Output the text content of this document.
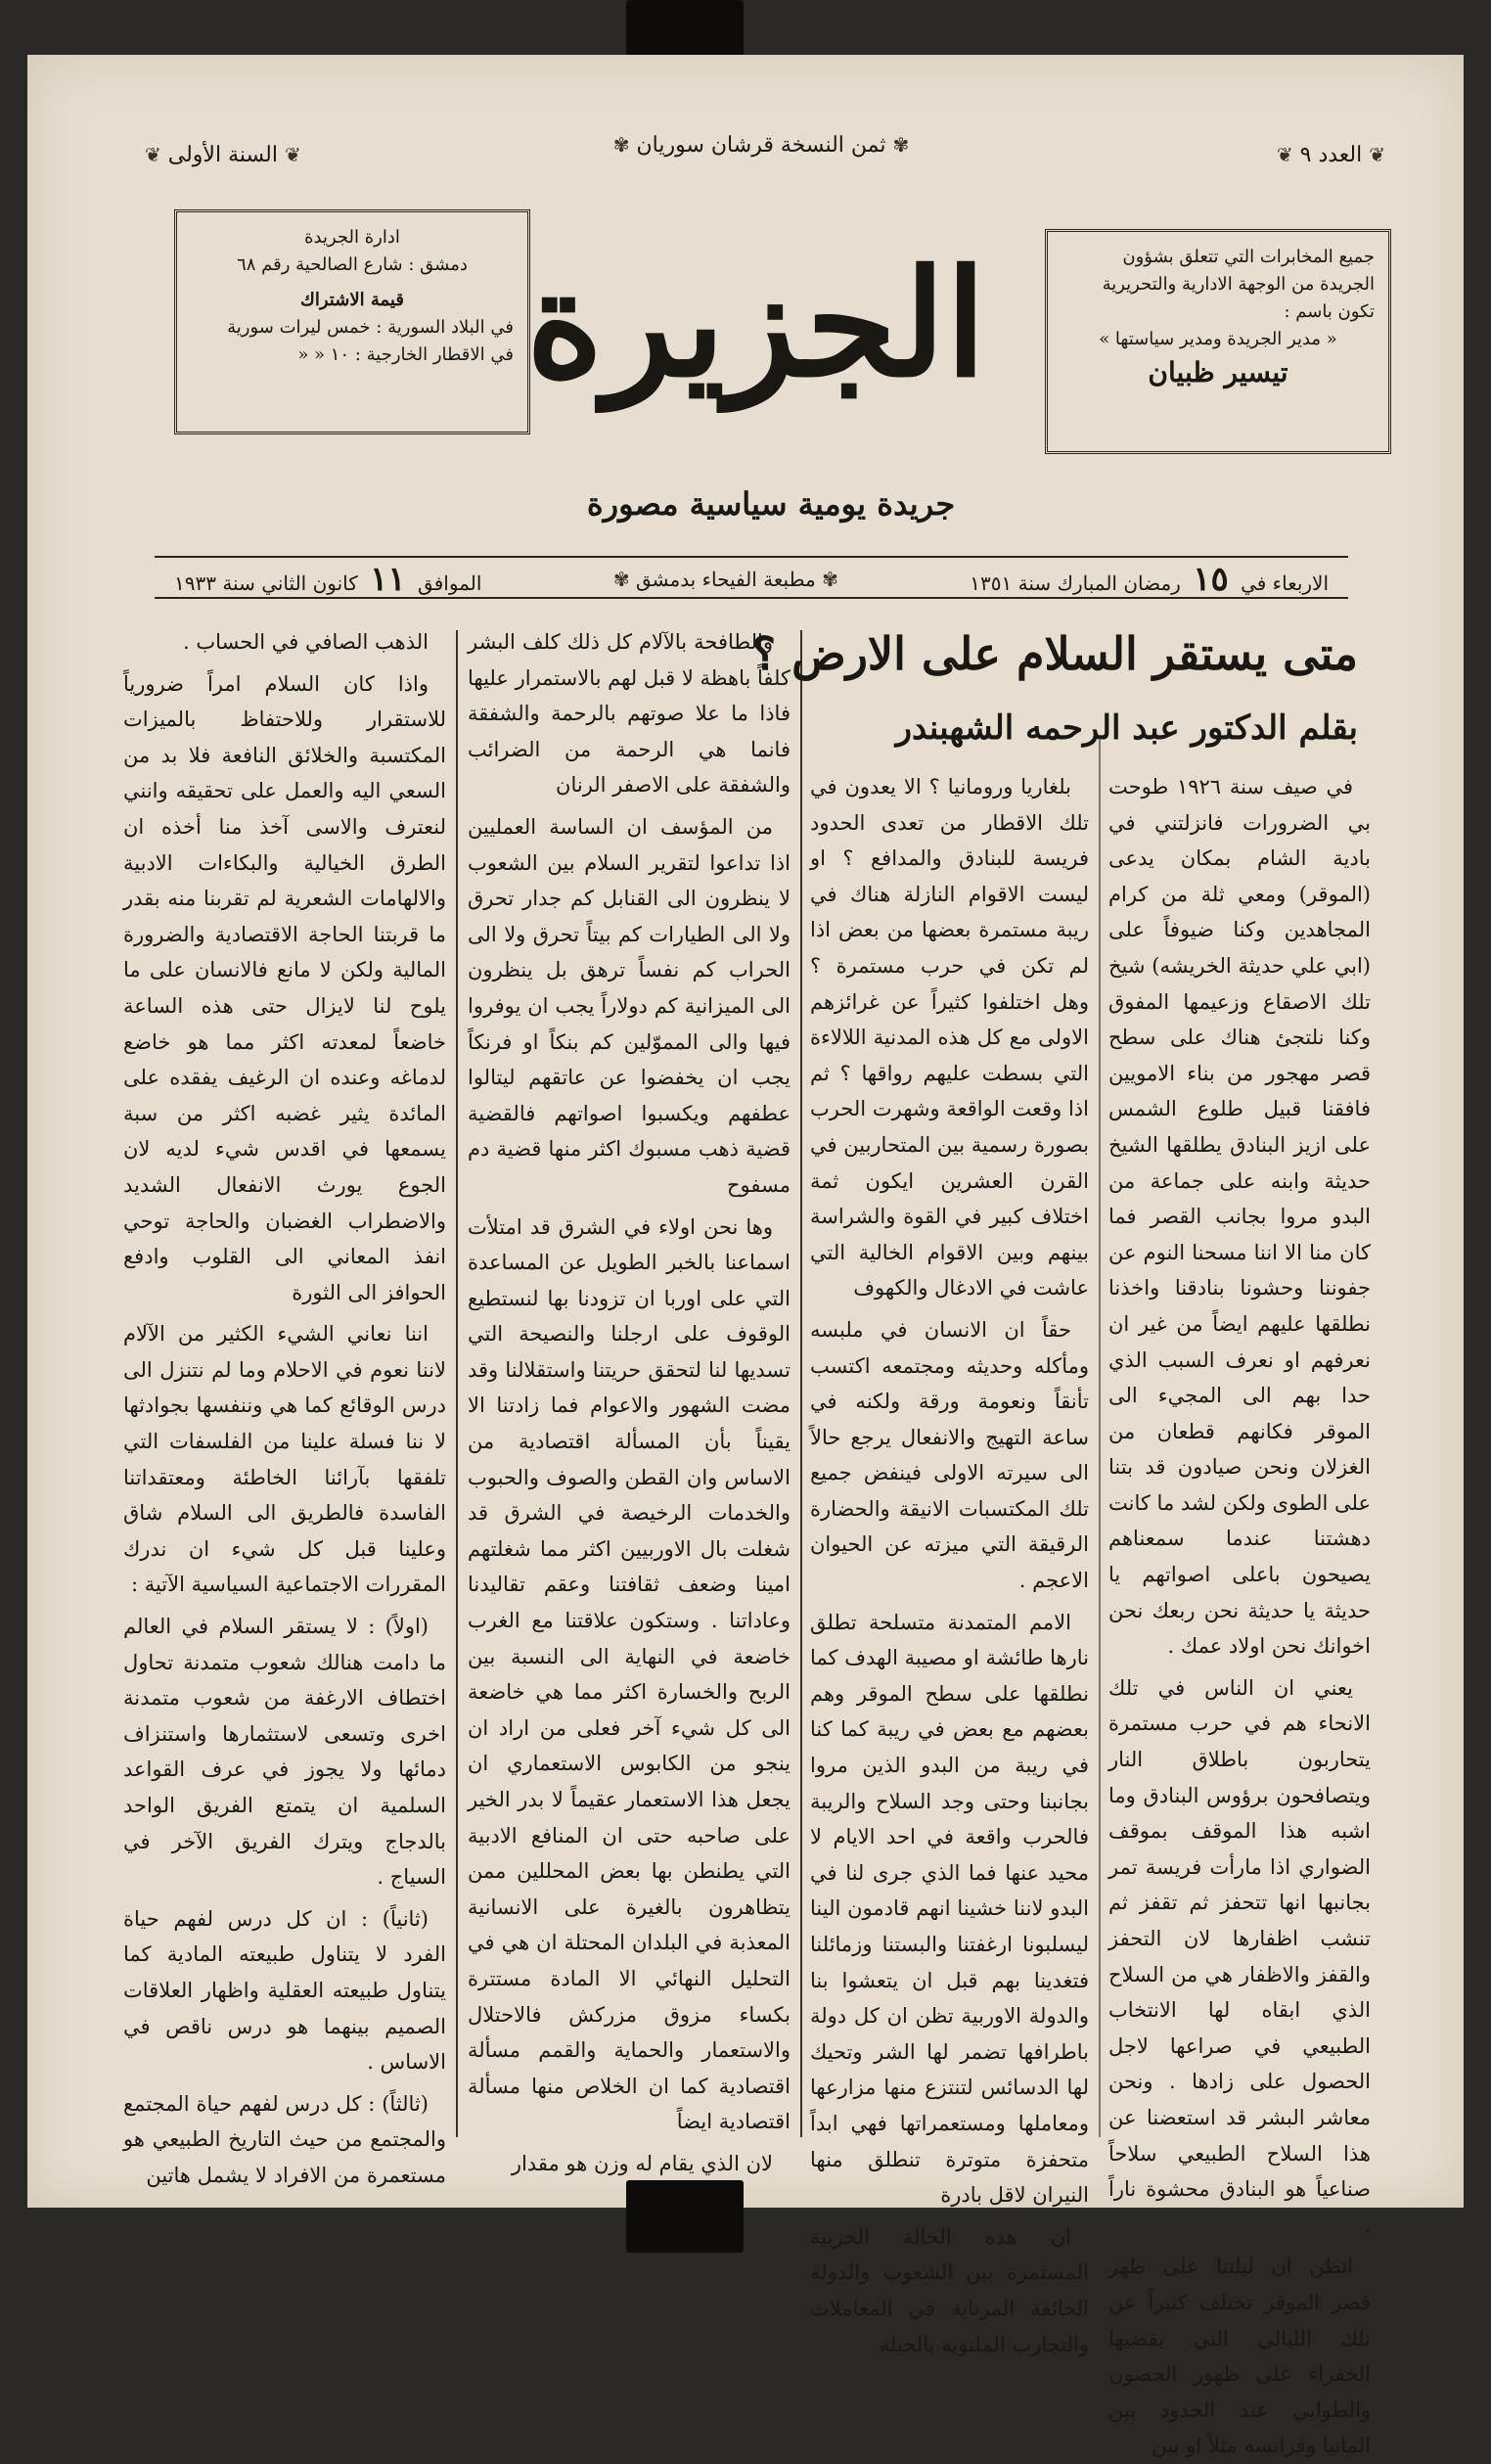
❦ العدد ٩ ❦
✾ ثمن النسخة قرشان سوريان ✾
❦ السنة الأولى ❦
ادارة الجريدة
دمشق : شارع الصالحية رقم ٦٨
قيمة الاشتراك
في البلاد السورية : خمس ليرات سورية
في الاقطار الخارجية : ١٠ « «
جميع المخابرات التي تتعلق بشؤون
الجريدة من الوجهة الادارية والتحريرية
تكون باسم :
« مدير الجريدة ومدير سياستها »
تيسير ظبيان
الجزيرة
جريدة يومية سياسية مصورة
الاربعاء في ١٥ رمضان المبارك سنة ١٣٥١
✾ مطبعة الفيحاء بدمشق ✾
الموافق ١١ كانون الثاني سنة ١٩٣٣
متى يستقر السلام على الارض ؟
بقلم الدكتور عبد الرحمه الشهبندر

في صيف سنة ١٩٢٦ طوحت بي الضرورات فانزلتني في بادية الشام بمكان يدعى (الموقر) ومعي ثلة من كرام المجاهدين وكنا ضيوفاً على (ابي علي حديثة الخريشه) شيخ تلك الاصقاع وزعيمها المفوق وكنا نلتجئ هناك على سطح قصر مهجور من بناء الامويين فافقنا قبيل طلوع الشمس على ازيز البنادق يطلقها الشيخ حديثة وابنه على جماعة من البدو مروا بجانب القصر فما كان منا الا اننا مسحنا النوم عن جفوننا وحشونا بنادقنا واخذنا نطلقها عليهم ايضاً من غير ان نعرفهم او نعرف السبب الذي حدا بهم الى المجيء الى الموقر فكانهم قطعان من الغزلان ونحن صيادون قد بتنا على الطوى ولكن لشد ما كانت دهشتنا عندما سمعناهم يصيحون باعلى اصواتهم يا حديثة يا حديثة نحن ربعك نحن اخوانك نحن اولاد عمك .

يعني ان الناس في تلك الانحاء هم في حرب مستمرة يتحاربون باطلاق النار ويتصافحون برؤوس البنادق وما اشبه هذا الموقف بموقف الضواري اذا مارأت فريسة تمر بجانبها انها تتحفز ثم تقفز ثم تنشب اظفارها لان التحفز والقفز والاظفار هي من السلاح الذي ابقاه لها الانتخاب الطبيعي في صراعها لاجل الحصول على زادها . ونحن معاشر البشر قد استعضنا عن هذا السلاح الطبيعي سلاحاً صناعياً هو البنادق محشوة ناراً .

اتظن ان ليلتنا على ظهر قصر الموقر تختلف كثيراً عن تلك الليالي التي يقضيها الخفراء على ظهور الحصون والطوابي عند الحدود بين المانيا وفرانسه مثلاً او بين

بلغاريا ورومانيا ؟ الا يعدون في تلك الاقطار من تعدى الحدود فريسة للبنادق والمدافع ؟ او ليست الاقوام النازلة هناك في ريبة مستمرة بعضها من بعض اذا لم تكن في حرب مستمرة ؟ وهل اختلفوا كثيراً عن غرائزهم الاولى مع كل هذه المدنية اللالاءة التي بسطت عليهم رواقها ؟ ثم اذا وقعت الواقعة وشهرت الحرب بصورة رسمية بين المتحاربين في القرن العشرين ايكون ثمة اختلاف كبير في القوة والشراسة بينهم وبين الاقوام الخالية التي عاشت في الادغال والكهوف

حقاً ان الانسان في ملبسه ومأكله وحديثه ومجتمعه اكتسب تأنقاً ونعومة ورقة ولكنه في ساعة التهيج والانفعال يرجع حالاً الى سيرته الاولى فينفض جميع تلك المكتسبات الانيقة والحضارة الرقيقة التي ميزته عن الحيوان الاعجم .

الامم المتمدنة متسلحة تطلق نارها طائشة او مصيبة الهدف كما نطلقها على سطح الموقر وهم بعضهم مع بعض في ريبة كما كنا في ريبة من البدو الذين مروا بجانبنا وحتى وجد السلاح والريبة فالحرب واقعة في احد الايام لا محيد عنها فما الذي جرى لنا في البدو لاننا خشينا انهم قادمون الينا ليسلبونا ارغفتنا والبستنا وزمائلنا فتغدينا بهم قبل ان يتعشوا بنا والدولة الاوربية تظن ان كل دولة باطرافها تضمر لها الشر وتحيك لها الدسائس لتنتزع منها مزارعها ومعاملها ومستعمراتها فهي ابداً متحفزة متوترة تنطلق منها النيران لاقل بادرة

ان هذه الحالة الحربية المستمرة بين الشعوب والدولة الخائفة المرتابة في المعاملات والتجارب الملتوية بالحيلة

والطافحة بالآلام كل ذلك كلف البشر كلفاً باهظة لا قبل لهم بالاستمرار عليها فاذا ما علا صوتهم بالرحمة والشفقة فانما هي الرحمة من الضرائب والشفقة على الاصفر الرنان

من المؤسف ان الساسة العمليين اذا تداعوا لتقرير السلام بين الشعوب لا ينظرون الى القنابل كم جدار تحرق ولا الى الطيارات كم بيتاً تحرق ولا الى الحراب كم نفساً ترهق بل ينظرون الى الميزانية كم دولاراً يجب ان يوفروا فيها والى المموّلين كم بنكاً او فرنكاً يجب ان يخفضوا عن عاتقهم ليتالوا عطفهم ويكسبوا اصواتهم فالقضية قضية ذهب مسبوك اكثر منها قضية دم مسفوح

وها نحن اولاء في الشرق قد امتلأت اسماعنا بالخبر الطويل عن المساعدة التي على اوربا ان تزودنا بها لنستطيع الوقوف على ارجلنا والنصيحة التي تسديها لنا لتحقق حريتنا واستقلالنا وقد مضت الشهور والاعوام فما زادتنا الا يقيناً بأن المسألة اقتصادية من الاساس وان القطن والصوف والحبوب والخدمات الرخيصة في الشرق قد شغلت بال الاوربيين اكثر مما شغلتهم امينا وضعف ثقافتنا وعقم تقاليدنا وعاداتنا . وستكون علاقتنا مع الغرب خاضعة في النهاية الى النسبة بين الربح والخسارة اكثر مما هي خاضعة الى كل شيء آخر فعلى من اراد ان ينجو من الكابوس الاستعماري ان يجعل هذا الاستعمار عقيماً لا بدر الخير على صاحبه حتى ان المنافع الادبية التي يطنطن بها بعض المحللين ممن يتظاهرون بالغيرة على الانسانية المعذبة في البلدان المحتلة ان هي في التحليل النهائي الا المادة مستترة بكساء مزوق مزركش فالاحتلال والاستعمار والحماية والقمم مسألة اقتصادية كما ان الخلاص منها مسألة اقتصادية ايضاً

لان الذي يقام له وزن هو مقدار

الذهب الصافي في الحساب .

واذا كان السلام امراً ضرورياً للاستقرار وللاحتفاظ بالميزات المكتسبة والخلائق النافعة فلا بد من السعي اليه والعمل على تحقيقه وانني لنعترف والاسى آخذ منا أخذه ان الطرق الخيالية والبكاءات الادبية والالهامات الشعرية لم تقربنا منه بقدر ما قربتنا الحاجة الاقتصادية والضرورة المالية ولكن لا مانع فالانسان على ما يلوح لنا لايزال حتى هذه الساعة خاضعاً لمعدته اكثر مما هو خاضع لدماغه وعنده ان الرغيف يفقده على المائدة يثير غضبه اكثر من سبة يسمعها في اقدس شيء لديه لان الجوع يورث الانفعال الشديد والاضطراب الغضبان والحاجة توحي انفذ المعاني الى القلوب وادفع الحوافز الى الثورة

اننا نعاني الشيء الكثير من الآلام لاننا نعوم في الاحلام وما لم نتنزل الى درس الوقائع كما هي وننفسها بجوادثها لا ننا فسلة علينا من الفلسفات التي تلفقها بآرائنا الخاطئة ومعتقداتنا الفاسدة فالطريق الى السلام شاق وعلينا قبل كل شيء ان ندرك المقررات الاجتماعية السياسية الآتية :

(اولاً) : لا يستقر السلام في العالم ما دامت هنالك شعوب متمدنة تحاول اختطاف الارغفة من شعوب متمدنة اخرى وتسعى لاستثمارها واستنزاف دمائها ولا يجوز في عرف القواعد السلمية ان يتمتع الفريق الواحد بالدجاج ويترك الفريق الآخر في السياج .

(ثانياً) : ان كل درس لفهم حياة الفرد لا يتناول طبيعته المادية كما يتناول طبيعته العقلية واظهار العلاقات الصميم بينهما هو درس ناقص في الاساس .

(ثالثاً) : كل درس لفهم حياة المجتمع والمجتمع من حيث التاريخ الطبيعي هو مستعمرة من الافراد لا يشمل هاتين
